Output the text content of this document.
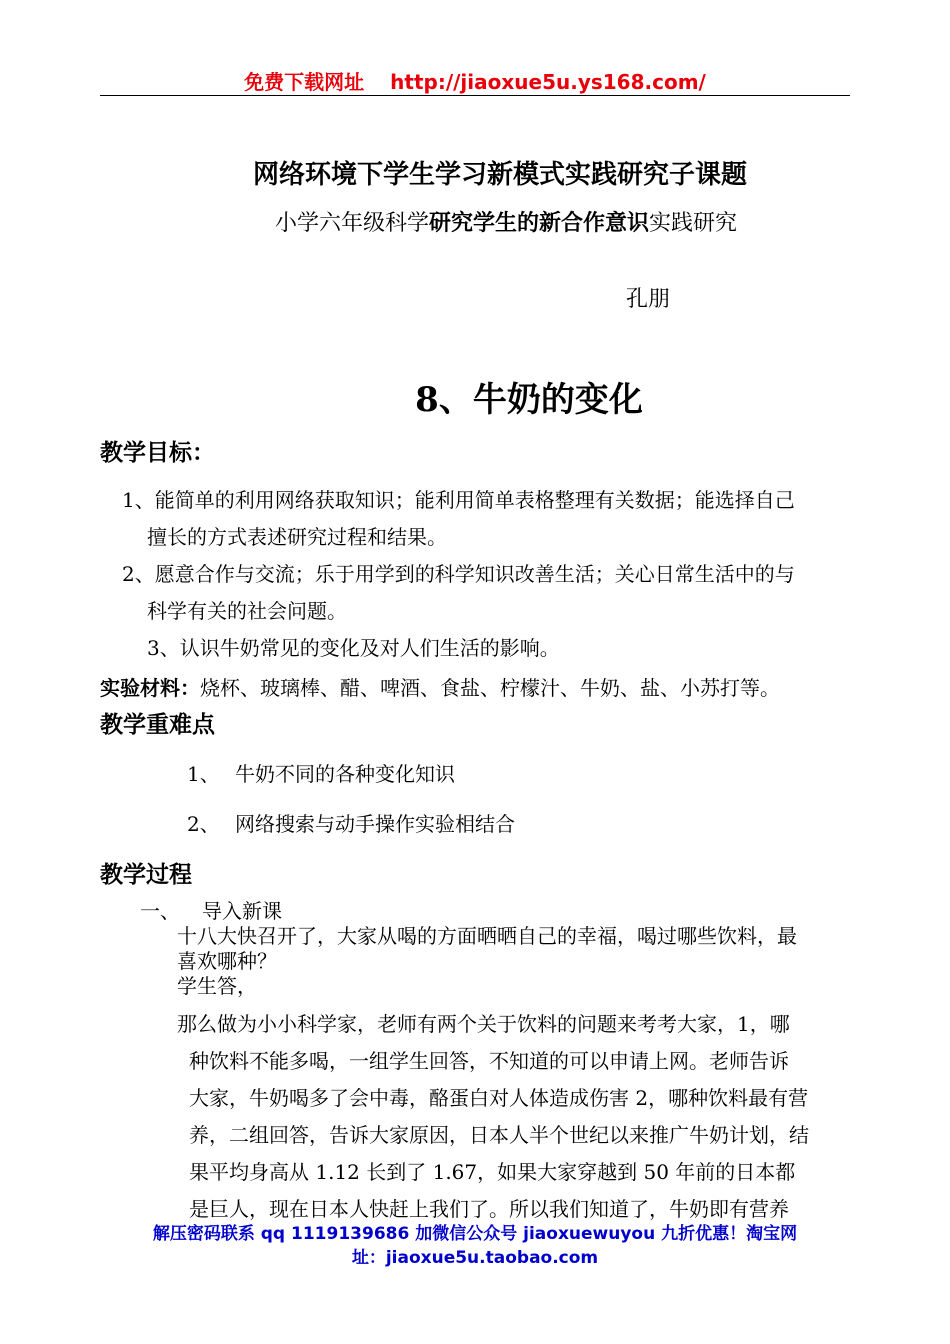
免费下载网址 http://jiaoxue5u.ys168.com/
网络环境下学生学习新模式实践研究子课题
小学六年级科学研究学生的新合作意识实践研究
孔朋
8、牛奶的变化
教学目标：
1、能简单的利用网络获取知识；能利用简单表格整理有关数据；能选择自己
擅长的方式表述研究过程和结果。
2、愿意合作与交流；乐于用学到的科学知识改善生活；关心日常生活中的与
科学有关的社会问题。
3、认识牛奶常见的变化及对人们生活的影响。
实验材料：烧杯、玻璃棒、醋、啤酒、食盐、柠檬汁、牛奶、盐、小苏打等。
教学重难点
1、 牛奶不同的各种变化知识
2、 网络搜索与动手操作实验相结合
教学过程
一、 导入新课
十八大快召开了，大家从喝的方面晒晒自己的幸福，喝过哪些饮料，最
喜欢哪种？
学生答，
那么做为小小科学家，老师有两个关于饮料的问题来考考大家，1，哪
种饮料不能多喝，一组学生回答，不知道的可以申请上网。老师告诉
大家，牛奶喝多了会中毒，酪蛋白对人体造成伤害 2，哪种饮料最有营
养，二组回答，告诉大家原因，日本人半个世纪以来推广牛奶计划，结
果平均身高从 1.12 长到了 1.67，如果大家穿越到 50 年前的日本都
是巨人，现在日本人快赶上我们了。所以我们知道了，牛奶即有营养
解压密码联系 qq 1119139686 加微信公众号 jiaoxuewuyou 九折优惠！淘宝网
址：jiaoxue5u.taobao.com
